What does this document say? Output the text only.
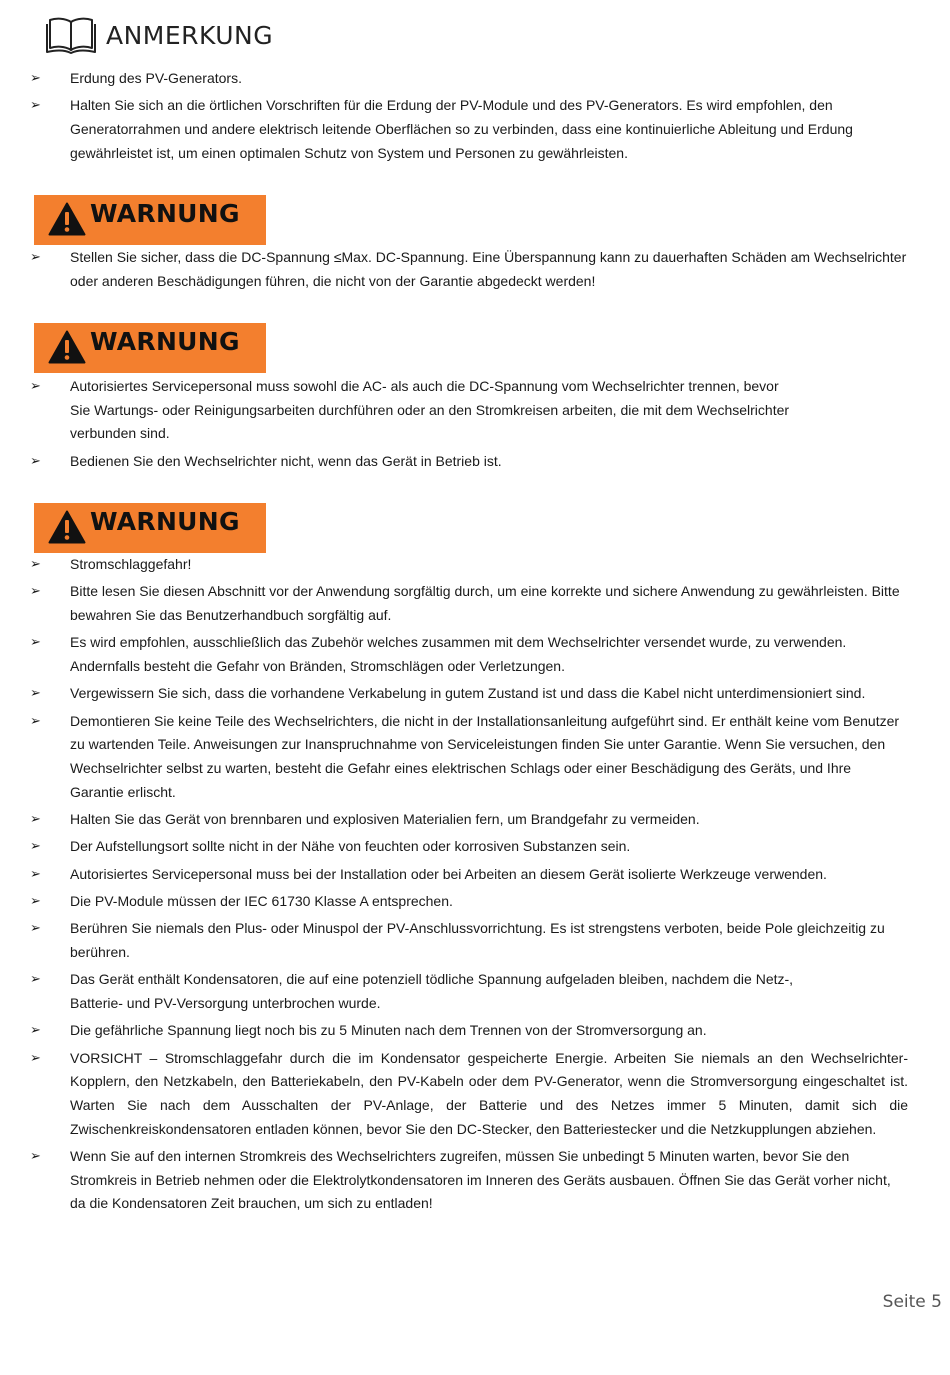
ANMERKUNG
➢ Erdung des PV-Generators.
➢ Halten Sie sich an die örtlichen Vorschriften für die Erdung der PV-Module und des PV-Generators. Es wird empfohlen, den Generatorrahmen und andere elektrisch leitende Oberflächen so zu verbinden, dass eine kontinuierliche Ableitung und Erdung gewährleistet ist, um einen optimalen Schutz von System und Personen zu gewährleisten.
WARNUNG
➢ Stellen Sie sicher, dass die DC-Spannung ≤Max. DC-Spannung. Eine Überspannung kann zu dauerhaften Schäden am Wechselrichter oder anderen Beschädigungen führen, die nicht von der Garantie abgedeckt werden!
WARNUNG
➢ Autorisiertes Servicepersonal muss sowohl die AC- als auch die DC-Spannung vom Wechselrichter trennen, bevor Sie Wartungs- oder Reinigungsarbeiten durchführen oder an den Stromkreisen arbeiten, die mit dem Wechselrichter verbunden sind.
➢ Bedienen Sie den Wechselrichter nicht, wenn das Gerät in Betrieb ist.
WARNUNG
➢ Stromschlaggefahr!
➢ Bitte lesen Sie diesen Abschnitt vor der Anwendung sorgfältig durch, um eine korrekte und sichere Anwendung zu gewährleisten. Bitte bewahren Sie das Benutzerhandbuch sorgfältig auf.
➢ Es wird empfohlen, ausschließlich das Zubehör welches zusammen mit dem Wechselrichter versendet wurde, zu verwenden. Andernfalls besteht die Gefahr von Bränden, Stromschlägen oder Verletzungen.
➢ Vergewissern Sie sich, dass die vorhandene Verkabelung in gutem Zustand ist und dass die Kabel nicht unterdimensioniert sind.
➢ Demontieren Sie keine Teile des Wechselrichters, die nicht in der Installationsanleitung aufgeführt sind. Er enthält keine vom Benutzer zu wartenden Teile. Anweisungen zur Inanspruchnahme von Serviceleistungen finden Sie unter Garantie. Wenn Sie versuchen, den Wechselrichter selbst zu warten, besteht die Gefahr eines elektrischen Schlags oder einer Beschädigung des Geräts, und Ihre Garantie erlischt.
➢ Halten Sie das Gerät von brennbaren und explosiven Materialien fern, um Brandgefahr zu vermeiden.
➢ Der Aufstellungsort sollte nicht in der Nähe von feuchten oder korrosiven Substanzen sein.
➢ Autorisiertes Servicepersonal muss bei der Installation oder bei Arbeiten an diesem Gerät isolierte Werkzeuge verwenden.
➢ Die PV-Module müssen der IEC 61730 Klasse A entsprechen.
➢ Berühren Sie niemals den Plus- oder Minuspol der PV-Anschlussvorrichtung. Es ist strengstens verboten, beide Pole gleichzeitig zu berühren.
➢ Das Gerät enthält Kondensatoren, die auf eine potenziell tödliche Spannung aufgeladen bleiben, nachdem die Netz-, Batterie- und PV-Versorgung unterbrochen wurde.
➢ Die gefährliche Spannung liegt noch bis zu 5 Minuten nach dem Trennen von der Stromversorgung an.
➢ VORSICHT – Stromschlaggefahr durch die im Kondensator gespeicherte Energie. Arbeiten Sie niemals an den Wechselrichter-Kopplern, den Netzkabeln, den Batteriekabeln, den PV-Kabeln oder dem PV-Generator, wenn die Stromversorgung eingeschaltet ist. Warten Sie nach dem Ausschalten der PV-Anlage, der Batterie und des Netzes immer 5 Minuten, damit sich die Zwischenkreiskondensatoren entladen können, bevor Sie den DC-Stecker, den Batteriestecker und die Netzkupplungen abziehen.
➢ Wenn Sie auf den internen Stromkreis des Wechselrichters zugreifen, müssen Sie unbedingt 5 Minuten warten, bevor Sie den Stromkreis in Betrieb nehmen oder die Elektrolytkondensatoren im Inneren des Geräts ausbauen. Öffnen Sie das Gerät vorher nicht, da die Kondensatoren Zeit brauchen, um sich zu entladen!
Seite 5
